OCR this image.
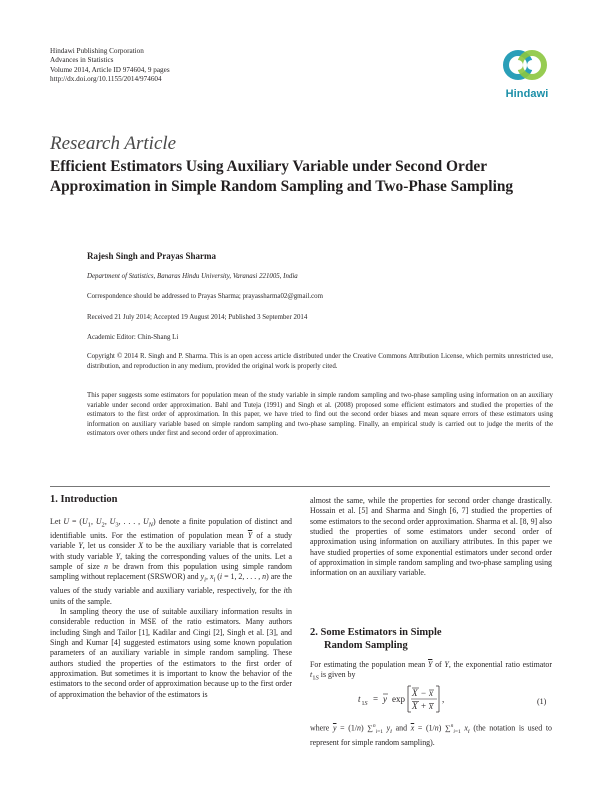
Hindawi Publishing Corporation
Advances in Statistics
Volume 2014, Article ID 974604, 9 pages
http://dx.doi.org/10.1155/2014/974604
Hindawi
Research Article
Efficient Estimators Using Auxiliary Variable under Second Order Approximation in Simple Random Sampling and Two-Phase Sampling
Rajesh Singh and Prayas Sharma
Department of Statistics, Banaras Hindu University, Varanasi 221005, India
Correspondence should be addressed to Prayas Sharma; prayassharma02@gmail.com
Received 21 July 2014; Accepted 19 August 2014; Published 3 September 2014
Academic Editor: Chin-Shang Li
Copyright © 2014 R. Singh and P. Sharma. This is an open access article distributed under the Creative Commons Attribution License, which permits unrestricted use, distribution, and reproduction in any medium, provided the original work is properly cited.
This paper suggests some estimators for population mean of the study variable in simple random sampling and two-phase sampling using information on an auxiliary variable under second order approximation. Bahl and Tuteja (1991) and Singh et al. (2008) proposed some efficient estimators and studied the properties of the estimators to the first order of approximation. In this paper, we have tried to find out the second order biases and mean square errors of these estimators using information on auxiliary variable based on simple random sampling and two-phase sampling. Finally, an empirical study is carried out to judge the merits of the estimators over others under first and second order of approximation.
1. Introduction

Let $U = (U_1$, $U_2$, $U_3$, . . . , $U_N$) denote a finite population of distinct and identifiable units. For the estimation of population mean $\overline{Y}$ of a study variable Y, let us consider X to be the auxiliary variable that is correlated with study variable Y, taking the corresponding values of the units. Let a sample of size n be drawn from this population using simple random sampling without replacement (SRSWOR) and $y_i$, $x_i$ (i = 1, 2, . . . , n) are the values of the study variable and auxiliary variable, respectively, for the ith units of the sample.

In sampling theory the use of suitable auxiliary information results in considerable reduction in MSE of the ratio estimators. Many authors including Singh and Tailor [1], Kadilar and Cingi [2], Singh et al. [3], and Singh and Kumar [4] suggested estimators using some known population parameters of an auxiliary variable in simple random sampling. These authors studied the properties of the estimators to the first order of approximation. But sometimes it is important to know the behavior of the estimators to the second order of approximation because up to the first order of approximation the behavior of the estimators is

almost the same, while the properties for second order change drastically. Hossain et al. [5] and Sharma and Singh [6, 7] studied the properties of some estimators to the second order approximation. Sharma et al. [8, 9] also studied the properties of some estimators under second order of approximation using information on auxiliary attributes. In this paper we have studied properties of some exponential estimators under second order of approximation in simple random sampling and two-phase sampling using information on an auxiliary variable.

2. Some Estimators in Simple
Random Sampling

For estimating the population mean $\overline{Y}$ of Y, the exponential ratio estimator $t_{1S}$ is given by

t 1S = y exp
X − x
X + x
,	(1)

where $\overline{y} = (1/n)$ ∑$^n_{i=1}$ $y_i$ and $\overline{x} = (1/n)$ ∑$^n_{i=1}$ $x_i$ (the notation is used to represent for simple random sampling).
